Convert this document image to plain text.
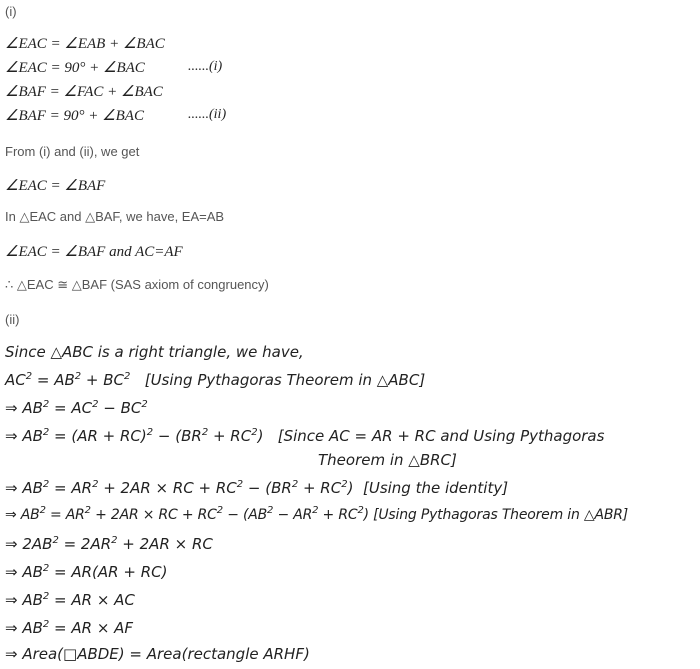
(i)
∠EAC = ∠EAB + ∠BAC
∠EAC = 90° + ∠BAC	......(i)
∠BAF = ∠FAC + ∠BAC
∠BAF = 90° + ∠BAC	......(ii)
From (i) and (ii), we get
∠EAC = ∠BAF
In △EAC and △BAF, we have, EA=AB
∠EAC = ∠BAF and AC=AF
∴ △EAC ≅ △BAF (SAS axiom of congruency)
(ii)
Since △ABC is a right triangle, we have,
$AC^2 = AB^2 + BC^2$ [Using Pythagoras Theorem in △ABC]
⇒ $AB^2 = AC^2 - BC^2$
⇒ $AB^2 = (AR + RC)^2 - (BR^2 + RC^2)$   [Since AC = AR + RC and Using Pythagoras
Theorem in △BRC]
⇒ $AB^2 = AR^2 + 2AR$ × RC + $RC^2 - (BR^2 + RC^2)$  [Using the identity]
⇒ $AB^2 = AR^2 + 2AR$ × RC + $RC^2 - (AB^2 - AR^2 + RC^2)$ [Using Pythagoras Theorem in △ABR]
⇒ $2AB^2 = 2AR^2 + 2AR$ × RC
⇒ $AB^2 = AR(AR + RC)$
⇒ $AB^2$ = AR × AC
⇒ $AB^2$ = AR × AF
⇒ Area(□ABDE) = Area(rectangle ARHF)
